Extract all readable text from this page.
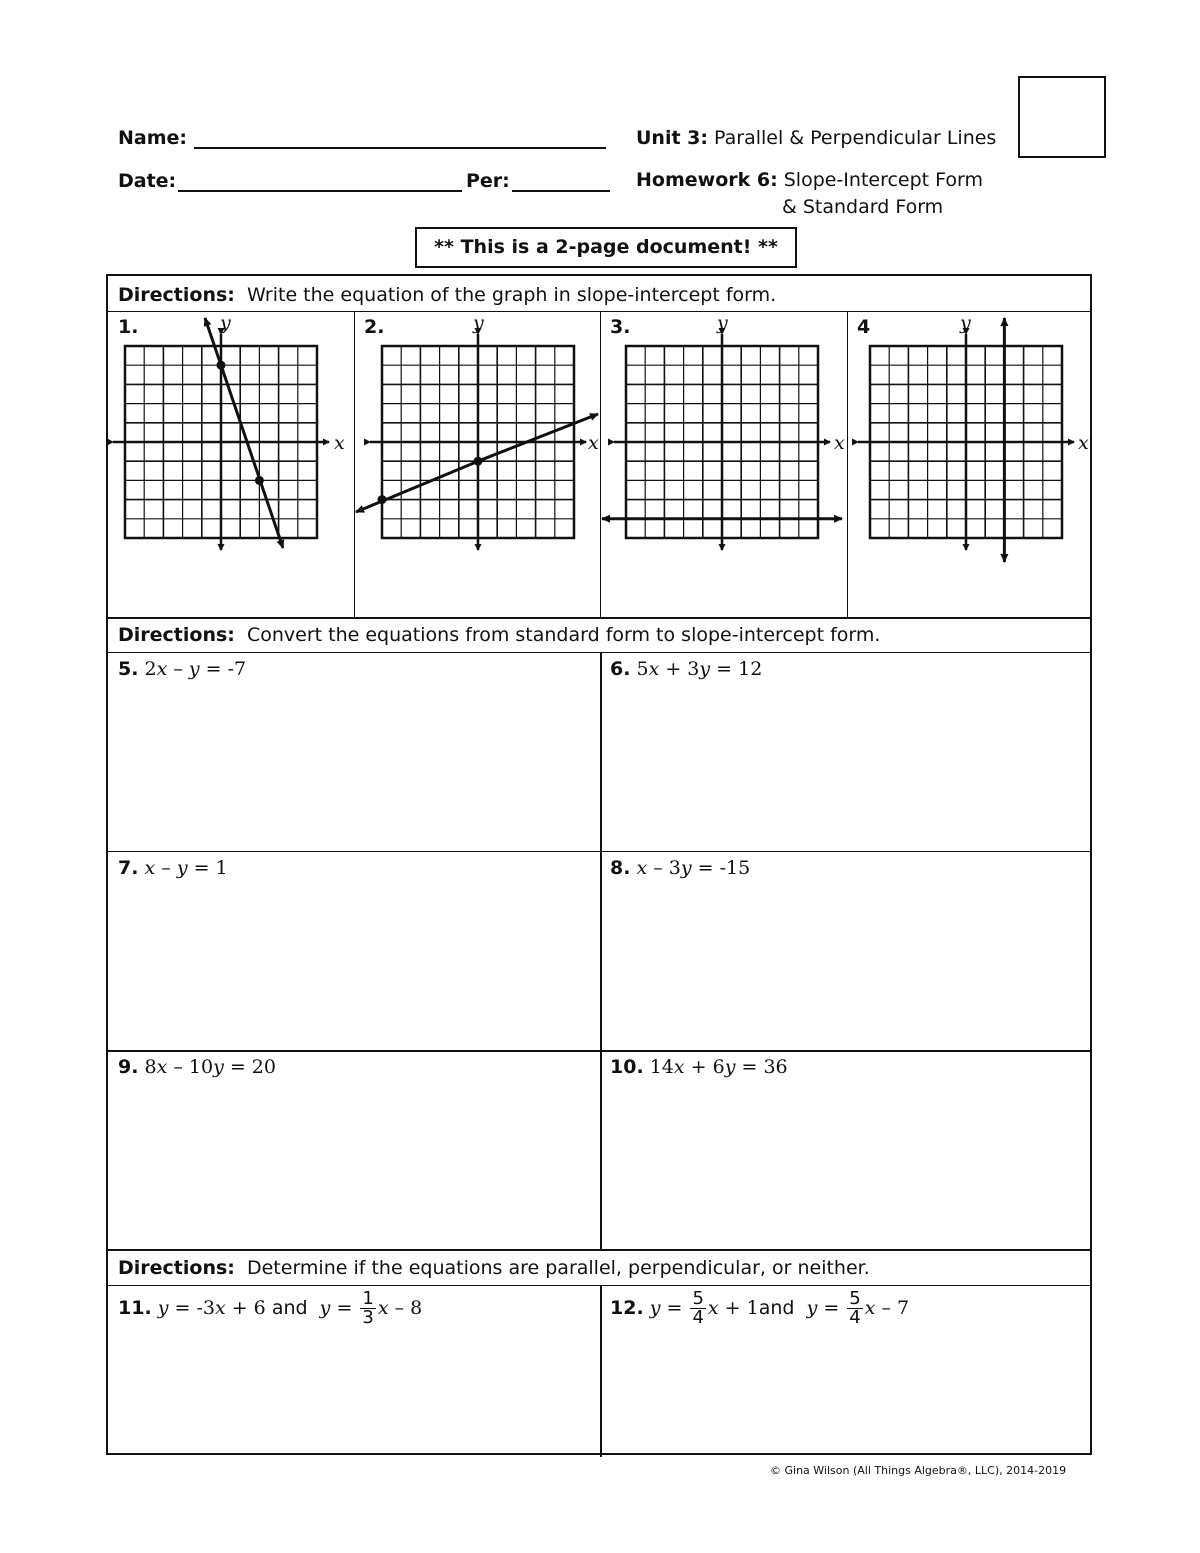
Name:
Date:	Per:
Unit 3: Parallel & Perpendicular Lines
Homework 6: Slope-Intercept Form
& Standard Form
** This is a 2-page document! **
Directions: Write the equation of the graph in slope-intercept form.
1.	2.	3.	4
Directions: Convert the equations from standard form to slope-intercept form.
5. 2x – y = -7	6. 5x + 3y = 12
7. x – y = 1	8. x – 3y = -15
9. 8x – 10y = 20	10. 14x + 6y = 36
Directions: Determine if the equations are parallel, perpendicular, or neither.
11. y = -3x + 6 and $y = \frac{1}{3}$ x – 8	12. $y = \frac{5}{4}$ x + 1and $y = \frac{5}{4}$ x – 7
y
x
y
x
y
x
y
x
© Gina Wilson (All Things Algebra®, LLC), 2014-2019
